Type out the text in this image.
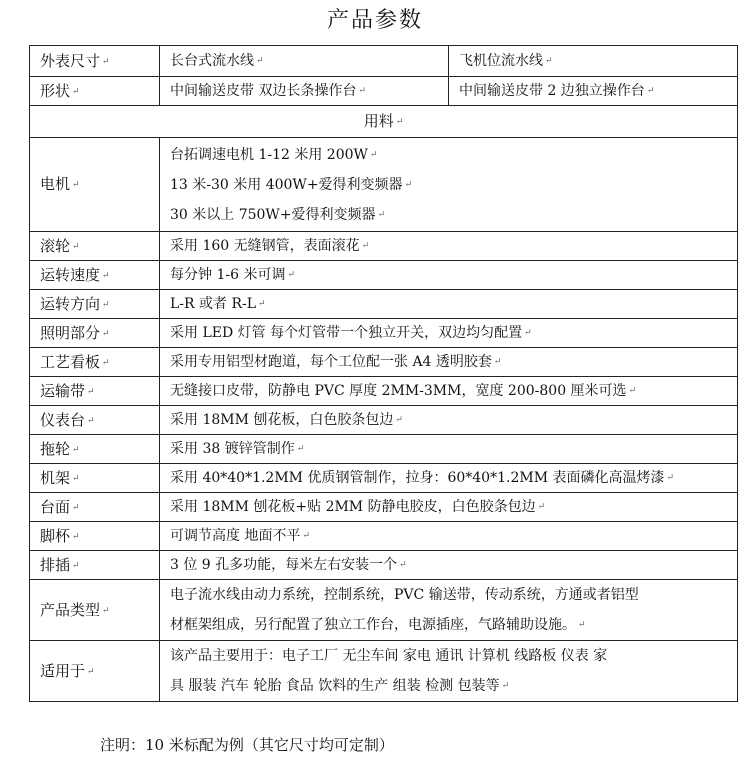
产品参数
外表尺寸 ↵	长台式流水线 ↵	飞机位流水线 ↵
形状 ↵	中间输送皮带 双边长条操作台 ↵	中间输送皮带 2 边独立操作台 ↵
用料 ↵		
电机 ↵	台拓调速电机 1-12 米用 200W ↵
13 米-30 米用 400W+爱得利变频器 ↵
30 米以上 750W+爱得利变频器 ↵	

滚轮 ↵	采用 160 无缝钢管，表面滚花 ↵	

运转速度 ↵	每分钟 1-6 米可调 ↵	

运转方向 ↵	L-R 或者 R-L ↵	

照明部分 ↵	采用 LED 灯管 每个灯管带一个独立开关，双边均匀配置 ↵	

工艺看板 ↵	采用专用铝型材跑道，每个工位配一张 A4 透明胶套 ↵	

运输带 ↵	无缝接口皮带，防静电 PVC 厚度 2MM-3MM，宽度 200-800 厘米可选 ↵	

仪表台 ↵	采用 18MM 刨花板，白色胶条包边 ↵	

拖轮 ↵	采用 38 镀锌管制作 ↵	

机架 ↵	采用 40*40*1.2MM 优质钢管制作，拉身：60*40*1.2MM 表面磷化高温烤漆 ↵	

台面 ↵	采用 18MM 刨花板+贴 2MM 防静电胶皮，白色胶条包边 ↵	

脚杯 ↵	可调节高度 地面不平 ↵	

排插 ↵	3 位 9 孔多功能，每米左右安装一个 ↵	

产品类型 ↵	电子流水线由动力系统，控制系统，PVC 输送带，传动系统，方通或者铝型
材框架组成，另行配置了独立工作台，电源插座，气路辅助设施。 ↵	

适用于 ↵	该产品主要用于：电子工厂 无尘车间 家电 通讯 计算机 线路板 仪表 家
具 服装 汽车 轮胎 食品 饮料的生产 组装 检测 包装等 ↵	
注明：10 米标配为例（其它尺寸均可定制）
